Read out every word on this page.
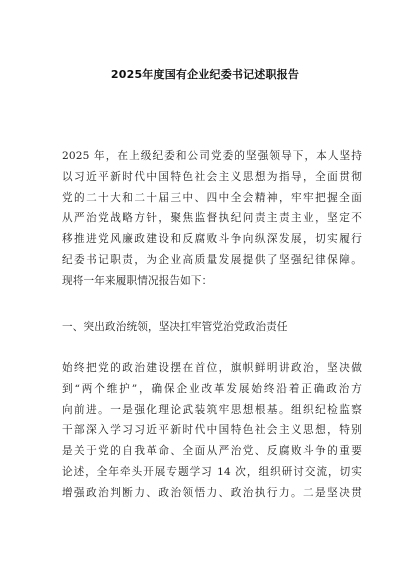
2025年度国有企业纪委书记述职报告
2025 年，在上级纪委和公司党委的坚强领导下，本人坚持
以习近平新时代中国特色社会主义思想为指导，全面贯彻
党的二十大和二十届三中、四中全会精神，牢牢把握全面
从严治党战略方针，聚焦监督执纪问责主责主业，坚定不
移推进党风廉政建设和反腐败斗争向纵深发展，切实履行
纪委书记职责，为企业高质量发展提供了坚强纪律保障。
现将一年来履职情况报告如下：
一、突出政治统领，坚决扛牢管党治党政治责任
始终把党的政治建设摆在首位，旗帜鲜明讲政治，坚决做
到“两个维护”，确保企业改革发展始终沿着正确政治方
向前进。一是强化理论武装筑牢思想根基。组织纪检监察
干部深入学习习近平新时代中国特色社会主义思想，特别
是关于党的自我革命、全面从严治党、反腐败斗争的重要
论述，全年牵头开展专题学习 14 次，组织研讨交流，切实
增强政治判断力、政治领悟力、政治执行力。二是坚决贯
